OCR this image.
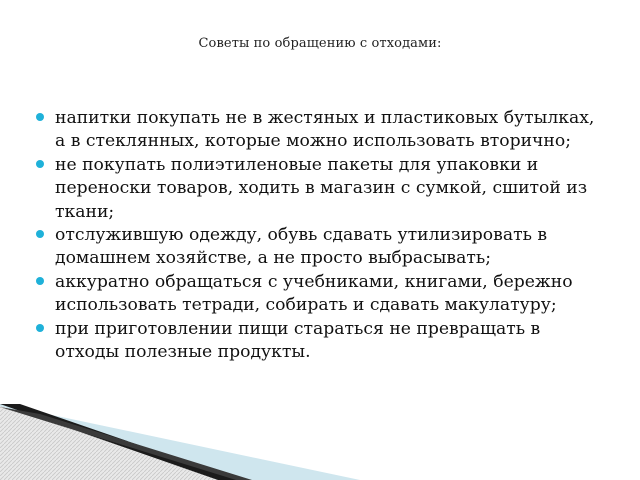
Советы по обращению с отходами:
напитки покупать не в жестяных и пластиковых бутылках, а в стеклянных, которые можно использовать вторично;
не покупать полиэтиленовые пакеты для упаковки и переноски товаров, ходить в магазин с сумкой, сшитой из ткани;
отслужившую одежду, обувь сдавать утилизировать в домашнем хозяйстве, а не просто выбрасывать;
аккуратно обращаться с учебниками, книгами, бережно использовать тетради, собирать и сдавать макулатуру;
при приготовлении пищи стараться не превращать в отходы полезные продукты.
